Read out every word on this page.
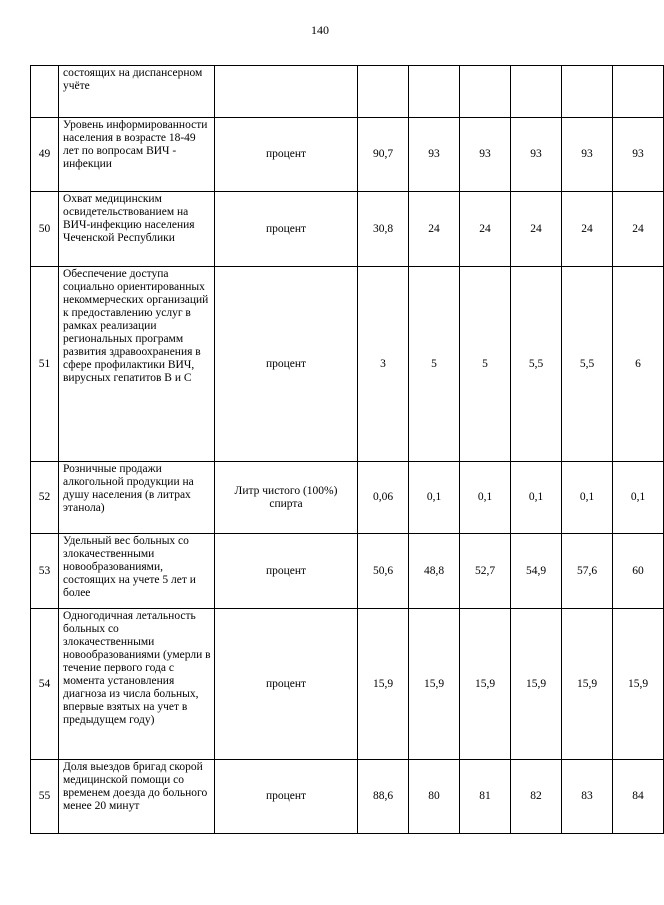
140
	состоящих на диспансерном учёте							
49	Уровень информированности населения в возрасте 18-49 лет по вопросам ВИЧ - инфекции	процент	90,7	93	93	93	93	93
50	Охват медицинским освидетельствованием на ВИЧ-инфекцию населения Чеченской Республики	процент	30,8	24	24	24	24	24
51	Обеспечение доступа социально ориентированных некоммерческих организаций к предоставлению услуг в рамках реализации региональных программ развития здравоохранения в сфере профилактики ВИЧ, вирусных гепатитов В и С	процент	3	5	5	5,5	5,5	6
52	Розничные продажи алкогольной продукции на душу населения (в литрах этанола)	Литр чистого (100%) спирта	0,06	0,1	0,1	0,1	0,1	0,1
53	Удельный вес больных со злокачественными новообразованиями, состоящих на учете 5 лет и более	процент	50,6	48,8	52,7	54,9	57,6	60
54	Одногодичная летальность больных со злокачественными новообразованиями (умерли в течение первого года с момента установления диагноза из числа больных, впервые взятых на учет в предыдущем году)	процент	15,9	15,9	15,9	15,9	15,9	15,9
55	Доля выездов бригад скорой медицинской помощи со временем доезда до больного менее 20 минут	процент	88,6	80	81	82	83	84
